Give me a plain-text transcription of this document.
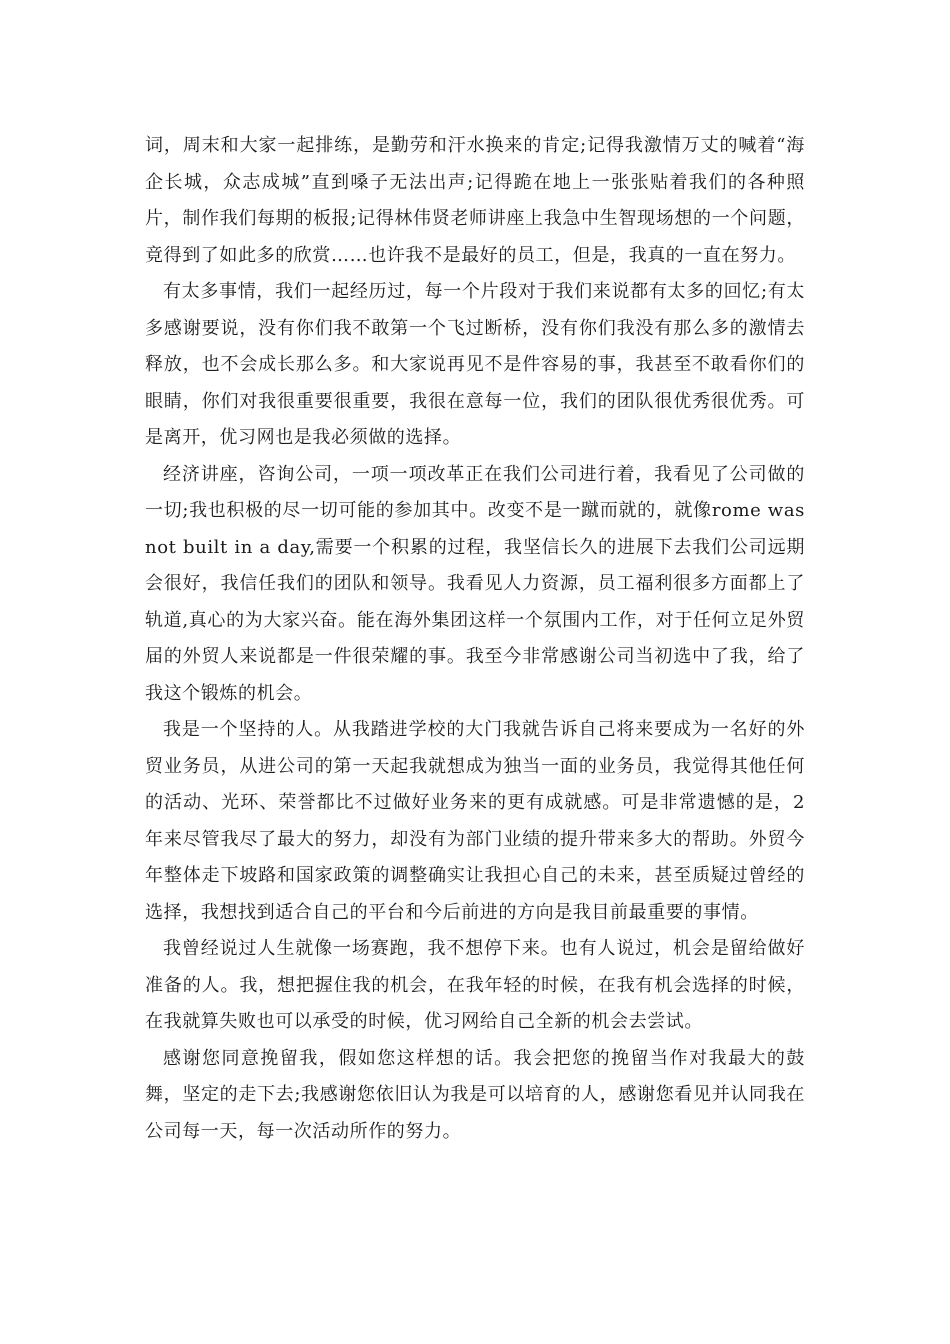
词，周末和大家一起排练，是勤劳和汗水换来的肯定;记得我激情万丈的喊着“海企长城，众志成城”直到嗓子无法出声;记得跪在地上一张张贴着我们的各种照片，制作我们每期的板报;记得林伟贤老师讲座上我急中生智现场想的一个问题，竟得到了如此多的欣赏……也许我不是最好的员工，但是，我真的一直在努力。

有太多事情，我们一起经历过，每一个片段对于我们来说都有太多的回忆;有太多感谢要说，没有你们我不敢第一个飞过断桥，没有你们我没有那么多的激情去释放，也不会成长那么多。和大家说再见不是件容易的事，我甚至不敢看你们的眼睛，你们对我很重要很重要，我很在意每一位，我们的团队很优秀很优秀。可是离开，优习网也是我必须做的选择。

经济讲座，咨询公司，一项一项改革正在我们公司进行着，我看见了公司做的一切;我也积极的尽一切可能的参加其中。改变不是一蹴而就的，就像rome was not built in a day,需要一个积累的过程，我坚信长久的进展下去我们公司远期会很好，我信任我们的团队和领导。我看见人力资源，员工福利很多方面都上了轨道,真心的为大家兴奋。能在海外集团这样一个氛围内工作，对于任何立足外贸届的外贸人来说都是一件很荣耀的事。我至今非常感谢公司当初选中了我，给了我这个锻炼的机会。

我是一个坚持的人。从我踏进学校的大门我就告诉自己将来要成为一名好的外贸业务员，从进公司的第一天起我就想成为独当一面的业务员，我觉得其他任何的活动、光环、荣誉都比不过做好业务来的更有成就感。可是非常遗憾的是，2年来尽管我尽了最大的努力，却没有为部门业绩的提升带来多大的帮助。外贸今年整体走下坡路和国家政策的调整确实让我担心自己的未来，甚至质疑过曾经的选择，我想找到适合自己的平台和今后前进的方向是我目前最重要的事情。

我曾经说过人生就像一场赛跑，我不想停下来。也有人说过，机会是留给做好准备的人。我，想把握住我的机会，在我年轻的时候，在我有机会选择的时候，在我就算失败也可以承受的时候，优习网给自己全新的机会去尝试。

感谢您同意挽留我，假如您这样想的话。我会把您的挽留当作对我最大的鼓舞，坚定的走下去;我感谢您依旧认为我是可以培育的人，感谢您看见并认同我在公司每一天，每一次活动所作的努力。
